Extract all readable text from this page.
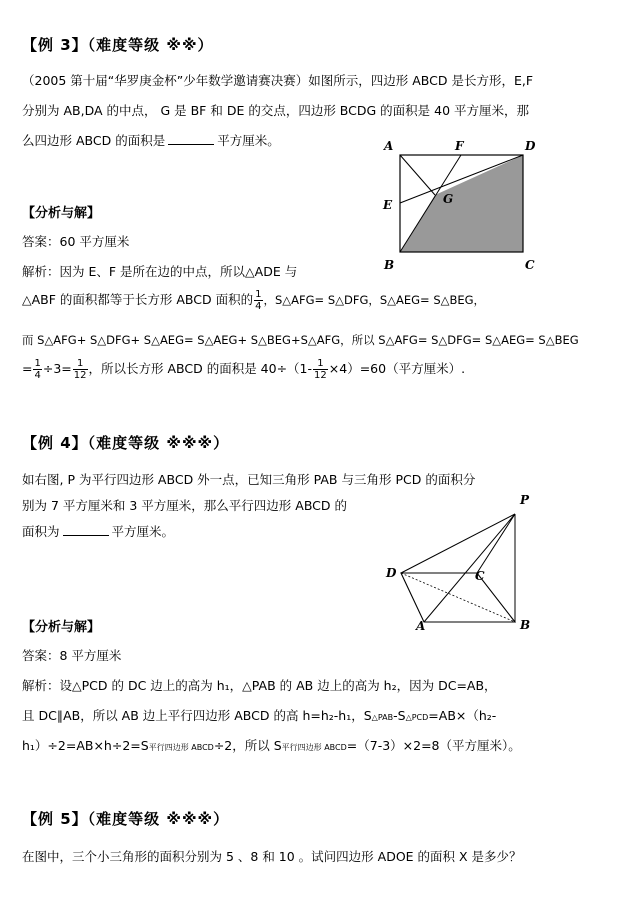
【例 3】（难度等级 ※※）
（2005 第十届“华罗庚金杯”少年数学邀请赛决赛）如图所示，四边形 ABCD 是长方形，E,F
分别为 AB,DA 的中点， G 是 BF 和 DE 的交点，四边形 BCDG 的面积是 40 平方厘米，那
么四边形 ABCD 的面积是	平方厘米。	A	F	D
E	G
B	C
【分析与解】
答案：60 平方厘米
解析：因为 E、F 是所在边的中点，所以△ADE 与
△ABF 的面积都等于长方形 ABCD 面积的 $\frac{1}{4}$ ，S△AFG= S△DFG，S△AEG= S△BEG，
而 S△AFG+ S△DFG+ S△AEG= S△AEG+ S△BEG+S△AFG，所以 S△AFG= S△DFG= S△AEG= S△BEG
= $\frac{1}{4} \div 3= \frac{1}{12}$ ，所以长方形 ABCD 的面积是 $40\div(1- \frac{1}{12} \times 4)=60$（平方厘米）.
【例 4】（难度等级 ※※※）
如右图, P 为平行四边形 ABCD 外一点，已知三角形 PAB 与三角形 PCD 的面积分
别为 7 平方厘米和 3 平方厘米，那么平行四边形 ABCD 的
面积为	平方厘米。
P
D	C
A	B
【分析与解】
答案：8 平方厘米
解析：设△PCD 的 DC 边上的高为 h₁，△PAB 的 AB 边上的高为 h₂，因为 DC=AB，
且 DC∥AB，所以 AB 边上平行四边形 ABCD 的高 h=h₂-h₁，S△PAB-S△PCD=AB×（h₂-
h₁）÷2=AB×h÷2=S平行四边形 ABCD÷2，所以 S平行四边形 ABCD=（7-3）×2=8（平方厘米）。
【例 5】（难度等级 ※※※）
在图中，三个小三角形的面积分别为 5 、8 和 10 。试问四边形 ADOE 的面积 X 是多少？
